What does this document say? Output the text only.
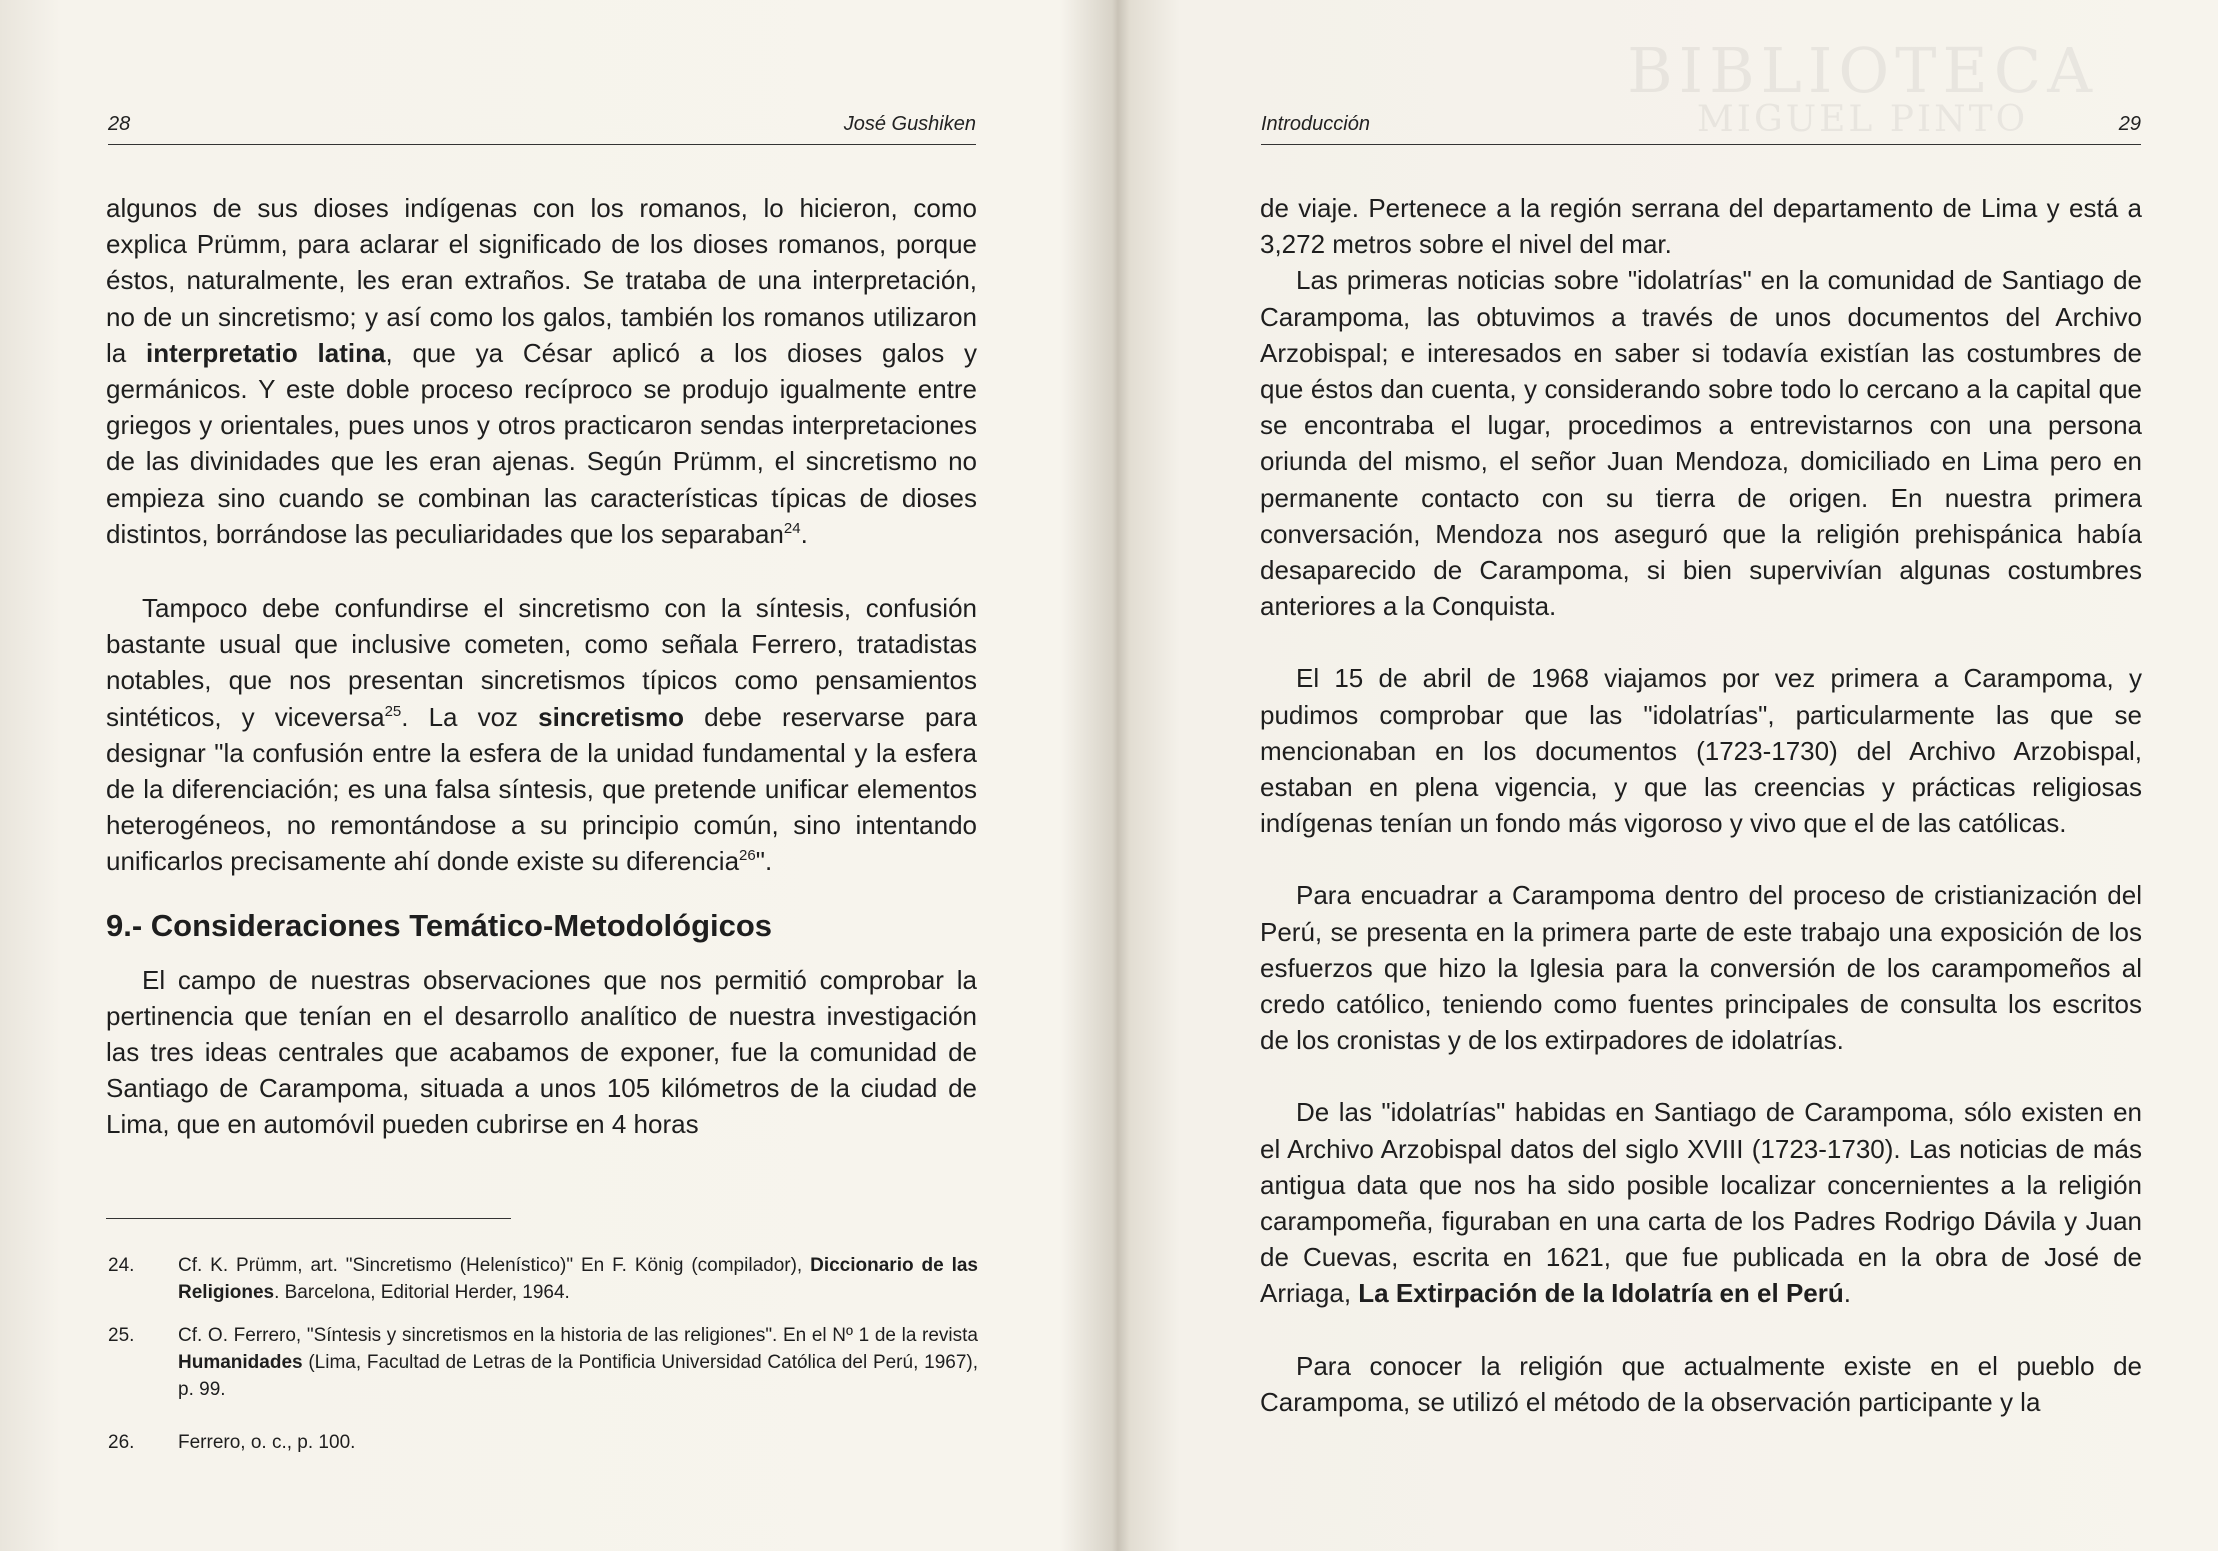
28	José Gushiken

algunos de sus dioses indígenas con los romanos, lo hicieron, como explica Prümm, para aclarar el significado de los dioses romanos, porque éstos, naturalmente, les eran extraños. Se trataba de una interpretación, no de un sincretismo; y así como los galos, también los romanos utilizaron la interpretatio latina, que ya César aplicó a los dioses galos y germánicos. Y este doble proceso recíproco se produjo igualmente entre griegos y orientales, pues unos y otros practicaron sendas interpretaciones de las divinidades que les eran ajenas. Según Prümm, el sincretismo no empieza sino cuando se combinan las características típicas de dioses distintos, borrándose las peculiaridades que los separaban$^{24}$.

Tampoco debe confundirse el sincretismo con la síntesis, confusión bastante usual que inclusive cometen, como señala Ferrero, tratadistas notables, que nos presentan sincretismos típicos como pensamientos sintéticos, y viceversa$^{25}$. La voz sincretismo debe reservarse para designar "la confusión entre la esfera de la unidad fundamental y la esfera de la diferenciación; es una falsa síntesis, que pretende unificar elementos heterogéneos, no remontándose a su principio común, sino intentando unificarlos precisamente ahí donde existe su diferencia$^{26}$".

9.- Consideraciones Temático-Metodológicos

El campo de nuestras observaciones que nos permitió comprobar la pertinencia que tenían en el desarrollo analítico de nuestra investigación las tres ideas centrales que acabamos de exponer, fue la comunidad de Santiago de Carampoma, situada a unos 105 kilómetros de la ciudad de Lima, que en automóvil pueden cubrirse en 4 horas

24. Cf. K. Prümm, art. "Sincretismo (Helenístico)" En F. König (compilador), Diccionario de las Religiones. Barcelona, Editorial Herder, 1964.
25. Cf. O. Ferrero, "Síntesis y sincretismos en la historia de las religiones". En el Nº 1 de la revista Humanidades (Lima, Facultad de Letras de la Pontificia Universidad Católica del Perú, 1967), p. 99.
26. Ferrero, o. c., p. 100.
BIBLIOTECA
MIGUEL PINTO
Introducción	29

de viaje. Pertenece a la región serrana del departamento de Lima y está a 3,272 metros sobre el nivel del mar.

Las primeras noticias sobre "idolatrías" en la comunidad de Santiago de Carampoma, las obtuvimos a través de unos documentos del Archivo Arzobispal; e interesados en saber si todavía existían las costumbres de que éstos dan cuenta, y considerando sobre todo lo cercano a la capital que se encontraba el lugar, procedimos a entrevistarnos con una persona oriunda del mismo, el señor Juan Mendoza, domiciliado en Lima pero en permanente contacto con su tierra de origen. En nuestra primera conversación, Mendoza nos aseguró que la religión prehispánica había desaparecido de Carampoma, si bien supervivían algunas costumbres anteriores a la Conquista.

El 15 de abril de 1968 viajamos por vez primera a Carampoma, y pudimos comprobar que las "idolatrías", particularmente las que se mencionaban en los documentos (1723-1730) del Archivo Arzobispal, estaban en plena vigencia, y que las creencias y prácticas religiosas indígenas tenían un fondo más vigoroso y vivo que el de las católicas.

Para encuadrar a Carampoma dentro del proceso de cristianización del Perú, se presenta en la primera parte de este trabajo una exposición de los esfuerzos que hizo la Iglesia para la conversión de los carampomeños al credo católico, teniendo como fuentes principales de consulta los escritos de los cronistas y de los extirpadores de idolatrías.

De las "idolatrías" habidas en Santiago de Carampoma, sólo existen en el Archivo Arzobispal datos del siglo XVIII (1723-1730). Las noticias de más antigua data que nos ha sido posible localizar concernientes a la religión carampomeña, figuraban en una carta de los Padres Rodrigo Dávila y Juan de Cuevas, escrita en 1621, que fue publicada en la obra de José de Arriaga, La Extirpación de la Idolatría en el Perú.

Para conocer la religión que actualmente existe en el pueblo de Carampoma, se utilizó el método de la observación participante y la
